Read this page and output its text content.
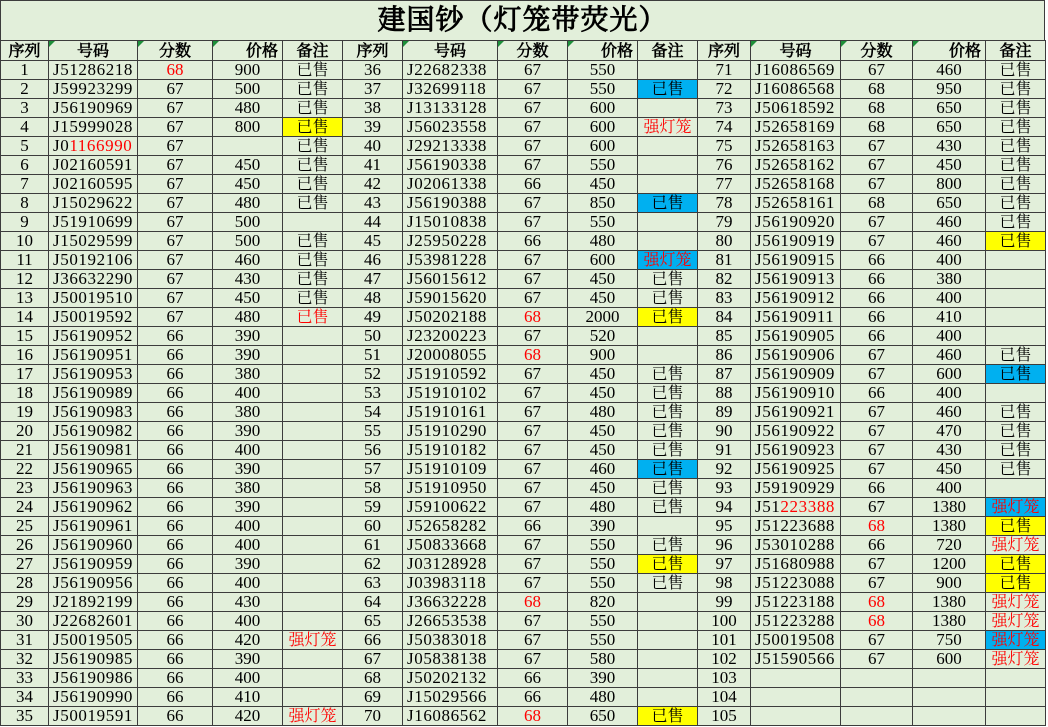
建国钞（灯笼带荧光）
序列	号码	分数	价格	备注	序列	号码	分数	价格	备注	序列	号码	分数	价格	备注
1	J51286218	68	900	已售	36	J22682338	67	550		71	J16086569	67	460	已售
2	J59923299	67	500	已售	37	J32699118	67	550	已售	72	J16086568	68	950	已售
3	J56190969	67	480	已售	38	J13133128	67	600		73	J50618592	68	650	已售
4	J15999028	67	800	已售	39	J56023558	67	600	强灯笼	74	J52658169	68	650	已售
5	J01166990	67		已售	40	J29213338	67	600		75	J52658163	67	430	已售
6	J02160591	67	450	已售	41	J56190338	67	550		76	J52658162	67	450	已售
7	J02160595	67	450	已售	42	J02061338	66	450		77	J52658168	67	800	已售
8	J15029622	67	480	已售	43	J56190388	67	850	已售	78	J52658161	68	650	已售
9	J51910699	67	500		44	J15010838	67	550		79	J56190920	67	460	已售
10	J15029599	67	500	已售	45	J25950228	66	480		80	J56190919	67	460	已售
11	J50192106	67	460	已售	46	J53981228	67	600	强灯笼	81	J56190915	66	400	
12	J36632290	67	430	已售	47	J56015612	67	450	已售	82	J56190913	66	380	
13	J50019510	67	450	已售	48	J59015620	67	450	已售	83	J56190912	66	400	
14	J50019592	67	480	已售	49	J50202188	68	2000	已售	84	J56190911	66	410	
15	J56190952	66	390		50	J23200223	67	520		85	J56190905	66	400	
16	J56190951	66	390		51	J20008055	68	900		86	J56190906	67	460	已售
17	J56190953	66	380		52	J51910592	67	450	已售	87	J56190909	67	600	已售
18	J56190989	66	400		53	J51910102	67	450	已售	88	J56190910	66	400	
19	J56190983	66	380		54	J51910161	67	480	已售	89	J56190921	67	460	已售
20	J56190982	66	390		55	J51910290	67	450	已售	90	J56190922	67	470	已售
21	J56190981	66	400		56	J51910182	67	450	已售	91	J56190923	67	430	已售
22	J56190965	66	390		57	J51910109	67	460	已售	92	J56190925	67	450	已售
23	J56190963	66	380		58	J51910950	67	450	已售	93	J59190929	66	400	
24	J56190962	66	390		59	J59100622	67	480	已售	94	J51223388	67	1380	强灯笼
25	J56190961	66	400		60	J52658282	66	390		95	J51223688	68	1380	已售
26	J56190960	66	400		61	J50833668	67	550	已售	96	J53010288	66	720	强灯笼
27	J56190959	66	390		62	J03128928	67	550	已售	97	J51680988	67	1200	已售
28	J56190956	66	400		63	J03983118	67	550	已售	98	J51223088	67	900	已售
29	J21892199	66	430		64	J36632228	68	820		99	J51223188	68	1380	强灯笼
30	J22682601	66	400		65	J26653538	67	550		100	J51223288	68	1380	强灯笼
31	J50019505	66	420	强灯笼	66	J50383018	67	550		101	J50019508	67	750	强灯笼
32	J56190985	66	390		67	J05838138	67	580		102	J51590566	67	600	强灯笼
33	J56190986	66	400		68	J50202132	66	390		103				
34	J56190990	66	410		69	J15029566	66	480		104				
35	J50019591	66	420	强灯笼	70	J16086562	68	650	已售	105				
